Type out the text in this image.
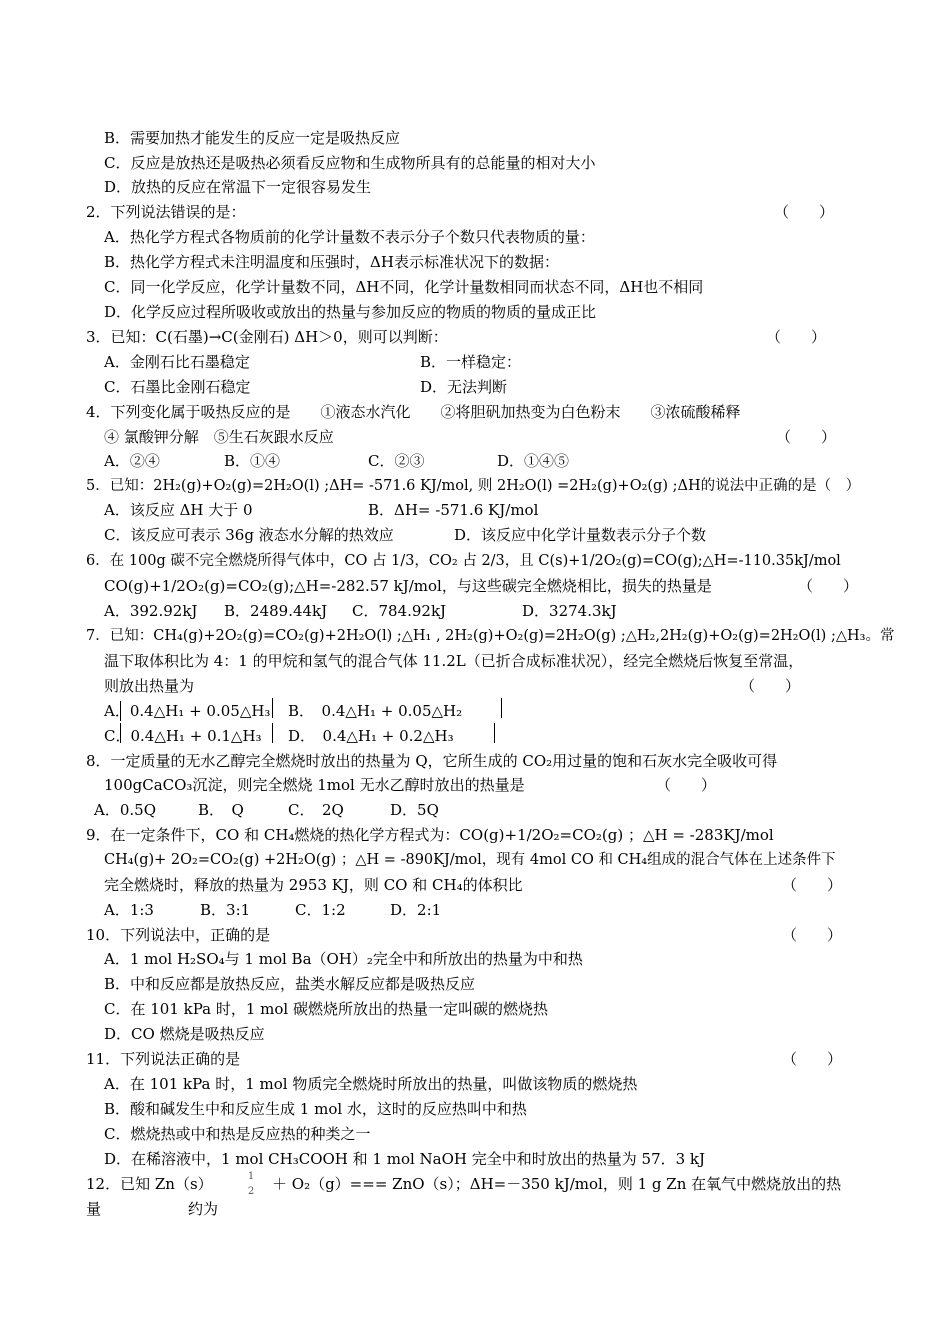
B．需要加热才能发生的反应一定是吸热反应
C．反应是放热还是吸热必须看反应物和生成物所具有的总能量的相对大小
D．放热的反应在常温下一定很容易发生
2．下列说法错误的是：	（　　）
A．热化学方程式各物质前的化学计量数不表示分子个数只代表物质的量：
B．热化学方程式未注明温度和压强时，ΔH表示标准状况下的数据：
C．同一化学反应，化学计量数不同，ΔH不同，化学计量数相同而状态不同，ΔH也不相同
D．化学反应过程所吸收或放出的热量与参加反应的物质的物质的量成正比
3．已知：C(石墨)→C(金刚石) ΔH＞0，则可以判断：	（　　）
A．金刚石比石墨稳定	B．一样稳定：
C．石墨比金刚石稳定	D．无法判断
4．下列变化属于吸热反应的是　　①液态水汽化　　②将胆矾加热变为白色粉末　　③浓硫酸稀释
④ 氯酸钾分解　⑤生石灰跟水反应	（　　）
A．②④	B．①④	C．②③	D．①④⑤
5．已知：2H₂(g)+O₂(g)=2H₂O(l) ;ΔH= -571.6 KJ/mol, 则 2H₂O(l) =2H₂(g)+O₂(g) ;ΔH的说法中正确的是（　）
A．该反应 ΔH 大于 0	B．ΔH= -571.6 KJ/mol
C．该反应可表示 36g 液态水分解的热效应	D．该反应中化学计量数表示分子个数
6．在 100g 碳不完全燃烧所得气体中，CO 占 1/3，CO₂ 占 2/3，且 C(s)+1/2O₂(g)=CO(g);△H=-110.35kJ/mol
CO(g)+1/2O₂(g)=CO₂(g);△H=-282.57 kJ/mol，与这些碳完全燃烧相比，损失的热量是	（　　）
A．392.92kJ B．2489.44kJ C．784.92kJ	D．3274.3kJ
7．已知：CH₄(g)+2O₂(g)=CO₂(g)+2H₂O(l) ;△H₁ , 2H₂(g)+O₂(g)=2H₂O(g) ;△H₂,2H₂(g)+O₂(g)=2H₂O(l) ;△H₃。常
温下取体积比为 4：1 的甲烷和氢气的混合气体 11.2L（已折合成标准状况），经完全燃烧后恢复至常温，
则放出热量为	（　　）
A．0.4△H₁ + 0.05△H₃ B．　0.4△H₁ + 0.05△H₂
C．0.4△H₁ + 0.1△H₃ D．　0.4△H₁ + 0.2△H₃
8．一定质量的无水乙醇完全燃烧时放出的热量为 Q，它所生成的 CO₂用过量的饱和石灰水完全吸收可得
100gCaCO₃沉淀，则完全燃烧 1mol 无水乙醇时放出的热量是	（　　）
A．0.5Q	B．　Q	C．　2Q	D．5Q
9．在一定条件下，CO 和 CH₄燃烧的热化学方程式为：CO(g)+1/2O₂=CO₂(g) ；△H = -283KJ/mol
CH₄(g)+ 2O₂=CO₂(g) +2H₂O(g) ；△H = -890KJ/mol，现有 4mol CO 和 CH₄组成的混合气体在上述条件下
完全燃烧时，释放的热量为 2953 KJ，则 CO 和 CH₄的体积比	（　　）
A．1:3	B．3:1	C．1:2	D．2:1
10．下列说法中，正确的是	（　　）
A．1 mol H₂SO₄与 1 mol Ba（OH）₂完全中和所放出的热量为中和热
B．中和反应都是放热反应，盐类水解反应都是吸热反应
C．在 101 kPa 时，1 mol 碳燃烧所放出的热量一定叫碳的燃烧热
D．CO 燃烧是吸热反应
11．下列说法正确的是	（　　）
A．在 101 kPa 时，1 mol 物质完全燃烧时所放出的热量，叫做该物质的燃烧热
B．酸和碱发生中和反应生成 1 mol 水，这时的反应热叫中和热
C．燃烧热或中和热是反应热的种类之一
D．在稀溶液中，1 mol CH₃COOH 和 1 mol NaOH 完全中和时放出的热量为 57．3 kJ
12．已知 Zn（s）	1
2 ＋ O₂（g）=== ZnO（s）；ΔH=－350 kJ/mol，则 1 g Zn 在氧气中燃烧放出的热
量	约为
